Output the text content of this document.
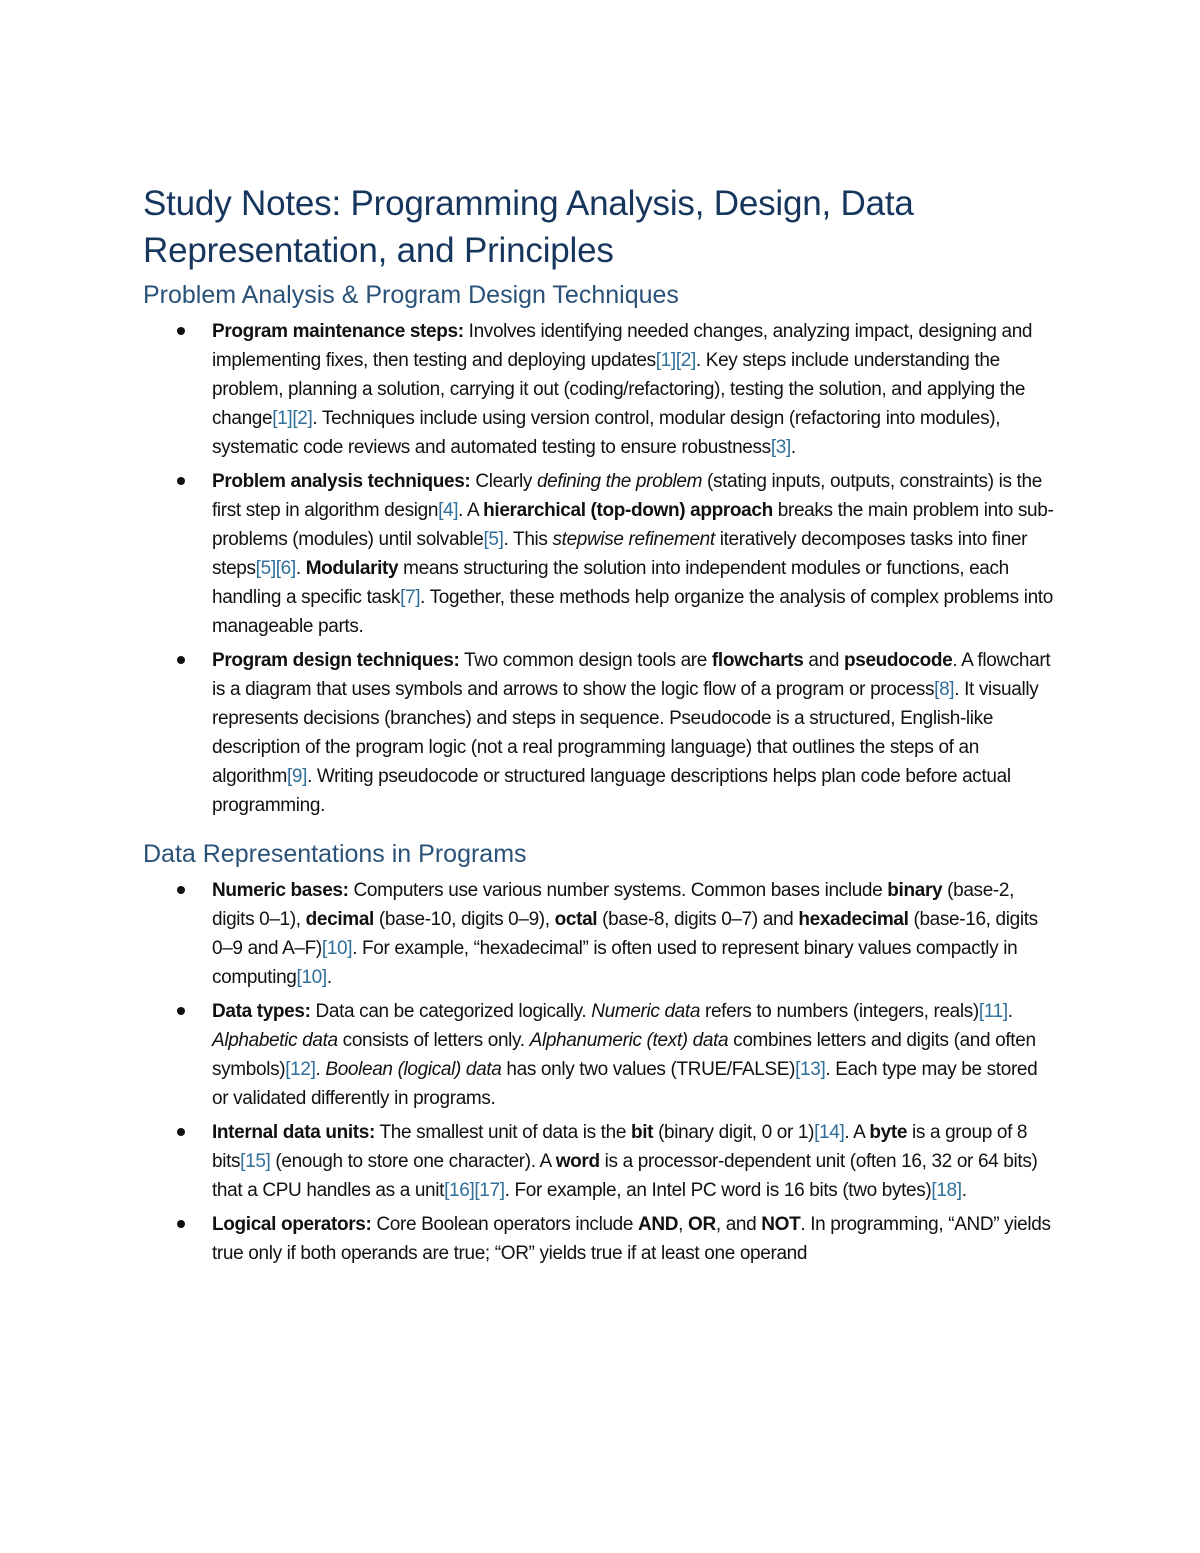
Study Notes: Programming Analysis, Design, Data Representation, and Principles
Problem Analysis & Program Design Techniques
Program maintenance steps: Involves identifying needed changes, analyzing impact, designing and implementing fixes, then testing and deploying updates[1][2]. Key steps include understanding the problem, planning a solution, carrying it out (coding/refactoring), testing the solution, and applying the change[1][2]. Techniques include using version control, modular design (refactoring into modules), systematic code reviews and automated testing to ensure robustness[3].
Problem analysis techniques: Clearly defining the problem (stating inputs, outputs, constraints) is the first step in algorithm design[4]. A hierarchical (top-down) approach breaks the main problem into sub-problems (modules) until solvable[5]. This stepwise refinement iteratively decomposes tasks into finer steps[5][6]. Modularity means structuring the solution into independent modules or functions, each handling a specific task[7]. Together, these methods help organize the analysis of complex problems into manageable parts.
Program design techniques: Two common design tools are flowcharts and pseudocode. A flowchart is a diagram that uses symbols and arrows to show the logic flow of a program or process[8]. It visually represents decisions (branches) and steps in sequence. Pseudocode is a structured, English-like description of the program logic (not a real programming language) that outlines the steps of an algorithm[9]. Writing pseudocode or structured language descriptions helps plan code before actual programming.
Data Representations in Programs
Numeric bases: Computers use various number systems. Common bases include binary (base-2, digits 0–1), decimal (base-10, digits 0–9), octal (base-8, digits 0–7) and hexadecimal (base-16, digits 0–9 and A–F)[10]. For example, “hexadecimal” is often used to represent binary values compactly in computing[10].
Data types: Data can be categorized logically. Numeric data refers to numbers (integers, reals)[11]. Alphabetic data consists of letters only. Alphanumeric (text) data combines letters and digits (and often symbols)[12]. Boolean (logical) data has only two values (TRUE/FALSE)[13]. Each type may be stored or validated differently in programs.
Internal data units: The smallest unit of data is the bit (binary digit, 0 or 1)[14]. A byte is a group of 8 bits[15] (enough to store one character). A word is a processor-dependent unit (often 16, 32 or 64 bits) that a CPU handles as a unit[16][17]. For example, an Intel PC word is 16 bits (two bytes)[18].
Logical operators: Core Boolean operators include AND, OR, and NOT. In programming, “AND” yields true only if both operands are true; “OR” yields true if at least one operand
